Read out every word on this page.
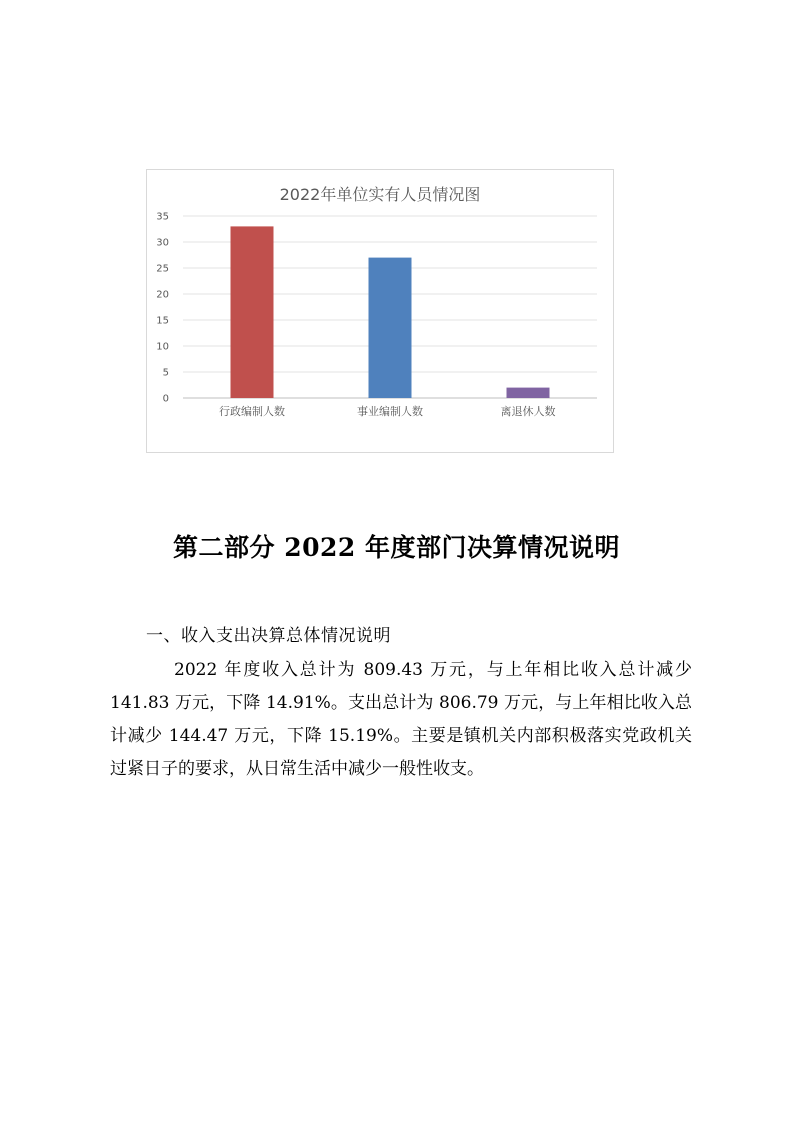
2022年单位实有人员情况图
0
5
10
15
20
25
30
35
行政编制人数	事业编制人数	离退休人数
第二部分 2022 年度部门决算情况说明
一、收入支出决算总体情况说明

2022 年度收入总计为 809.43 万元，与上年相比收入总计减少 141.83 万元，下降 14.91%。支出总计为 806.79 万元，与上年相比收入总计减少 144.47 万元，下降 15.19%。主要是镇机关内部积极落实党政机关过紧日子的要求，从日常生活中减少一般性收支。
